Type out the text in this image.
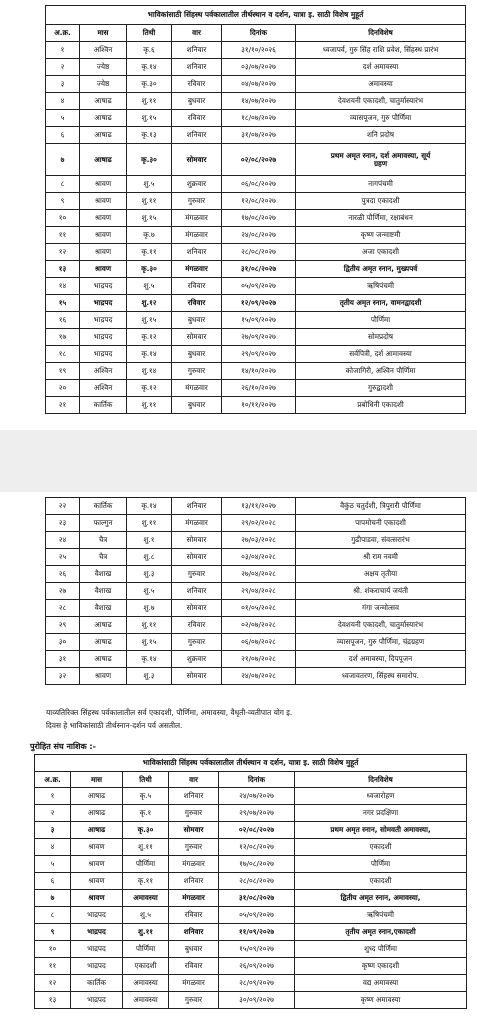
भाविकांसाठी सिंहस्थ पर्वकालातील तीर्थस्थान व दर्शन, यात्रा इ. साठी विशेष मुहूर्त					
अ.क्र.	मास	तिथी	वार	दिनांक	दिनविशेष
१	अश्विन	कृ.६	शनिवार	३१/१०/२०२६	ध्वजापर्व, गुरु सिंह राशि प्रवेश, सिंहस्थ प्रारंभ
२	ज्येष्ठ	कृ.१४	शनिवार	०३/०७/२०२७	दर्श अमावस्या
३	ज्येष्ठ	कृ.३०	रविवार	०४/०७/२०२७	अमावस्या
४	आषाढ	शु.११	बुधवार	१४/०७/२०२७	देवशयनी एकादशी, चातुर्मास्यारंभ
५	आषाढ	शु.१५	रविवार	१८/०७/२०२७	व्यासपूजन, गुरु पौर्णिमा
६	आषाढ	कृ.१३	शनिवार	३१/०७/२०२७	शनि प्रदोष
७	आषाढ	कृ.३०	सोमवार	०२/०८/२०२७	प्रथम अमृत स्नान, दर्श अमावस्या, सूर्य
ग्रहण
८	श्रावण	शु.५	शुक्रवार	०६/०८/२०२७	नागपंचमी
९	श्रावण	शु.११	गुरुवार	१२/०८/२०२७	पुत्रदा एकादशी
१०	श्रावण	शु.१५	मंगळवार	१७/०८/२०२७	नारळी पौर्णिमा, रक्षाबंधन
११	श्रावण	कृ.७	मंगळवार	२४/०८/२०२७	कृष्ण जन्माष्टमी
१२	श्रावण	कृ.११	शनिवार	२८/०८/२०२७	अजा एकादशी
१३	श्रावण	कृ.३०	मंगळवार	३१/०८/२०२७	द्वितीय अमृत स्नान, मुख्यपर्व
१४	भाद्रपद	शु.५	रविवार	०५/०९/२०२७	ऋषिपंचमी
१५	भाद्रपद	शु.१२	रविवार	१२/०९/२०२७	तृतीय अमृत स्नान, वामनद्वादशी
१६	भाद्रपद	शु.१५	बुधवार	१५/०९/२०२७	पौर्णिमा
१७	भाद्रपद	कृ.१२	सोमवार	२७/०९/२०२७	सोमप्रदोष
१८	भाद्रपद	कृ.१४	बुधवार	२९/०९/२०२७	सर्वपित्री, दर्श आमावस्या
१९	अश्विन	शु.१४	गुरुवार	१४/१०/२०२७	कोजागिरी, अश्विन पौर्णिमा
२०	अश्विन	कृ.१२	मंगळवार	२६/१०/२०२७	गुरुद्वादशी
२१	कार्तिक	शु.११	बुधवार	१०/११/२०२७	प्रबोधिनी एकादशी
२२	कार्तिक	कृ.१४	शनिवार	१३/११/२०२७	वैकुंठ चतुर्दशी, त्रिपुरारी पौर्णिमा
२३	फाल्गुन	शु.११	मंगळवार	२९/०२/२०२८	पापमोचनी एकादशी
२४	चैत्र	शु.१	सोमवार	२७/०३/२०२८	गुढीपाडवा, संवत्सरारंभ
२५	चैत्र	शु.८	सोमवार	०३/०४/२०२८	श्री राम नवमी
२६	वैशाख	शु.३	गुरुवार	२७/०४/२०२८	अक्षय तृतीया
२७	वैशाख	शु.५	शनिवार	२९/०४/२०२८	श्री. शंकराचार्य जयंती
२८	वैशाख	शु.७	सोमवार	०१/०५/२०२८	गंगा जन्मोत्सव
२९	आषाढ	शु.११	रविवार	०२/०७/२०२८	देवशयनी एकादशी, चातुर्मास्यारंभ
३०	आषाढ	शु.१५	गुरुवार	०६/०७/२०२८	व्यासपूजन, गुरु पौर्णिमा, चंद्रग्रहण
३१	आषाढ	कृ.१४	शुक्रवार	२१/०७/२०२८	दर्श अमावस्या, दिपपूजन
३२	श्रावण	शु.३	सोमवार	२४/०७/२०२८	ध्वजावतरण, सिंहस्थ समारोप.
याव्यतिरिक्त सिंहस्थ पर्वकालातील सर्व एकादशी, पौर्णिमा, अमावस्या, वैधृती-व्यतीपात योग इ.
दिवस हे भाविकांसाठी तीर्थस्नान-दर्शन पर्व असतील.
पुरोहित संघ नाशिक :-
भाविकांसाठी सिंहस्थ पर्वकालातील तीर्थस्थान व दर्शन, यात्रा इ. साठी विशेष मुहूर्त					
अ.क्र.	मास	तिथी	वार	दिनांक	दिनविशेष
१	आषाढ	कृ.५	शनिवार	२४/०७/२०२७	ध्वजारोहण
२	आषाढ	कृ.१	गुरुवार	२९/०७/२०२७	नगर प्रदक्षिणा
३	आषाढ	कृ.३०	सोमवार	०२/०८/२०२७	प्रथम अमृत स्नान, सोमवती अमावस्या,
४	श्रावण	शु.११	गुरुवार	१२/०८/२०२७	एकादशी
५	श्रावण	पौर्णिमा	मंगळवार	१७/०८/२०२७	पौर्णिमा
६	श्रावण	कृ.११	शनिवार	२८/०८/२०२७	एकादशी
७	श्रावण	अमावस्या	मंगळवार	३१/०८/२०२७	द्वितीय अमृत स्नान, अमावस्या,
८	भाद्रपद	शु.५	रविवार	०५/०९/२०२७	ऋषिपंचमी
९	भाद्रपद	शु.११	शनिवार	११/०९/२०२७	तृतीय अमृत स्नान,एकादशी
१०	भाद्रपद	पौर्णिमा	बुधवार	१५/०९/२०२७	शुध्द पौर्णिमा
११	भाद्रपद	एकादशी	रविवार	२६/०९/२०२७	कृष्ण एकादशी
१२	कार्तिक	अमावस्या	मंगळवार	२८/०९/२०२७	वद्य अमावस्या
१३	भाद्रपद	अमावस्या	गुरुवार	३०/०९/२०२७	कृष्ण अमावस्या
